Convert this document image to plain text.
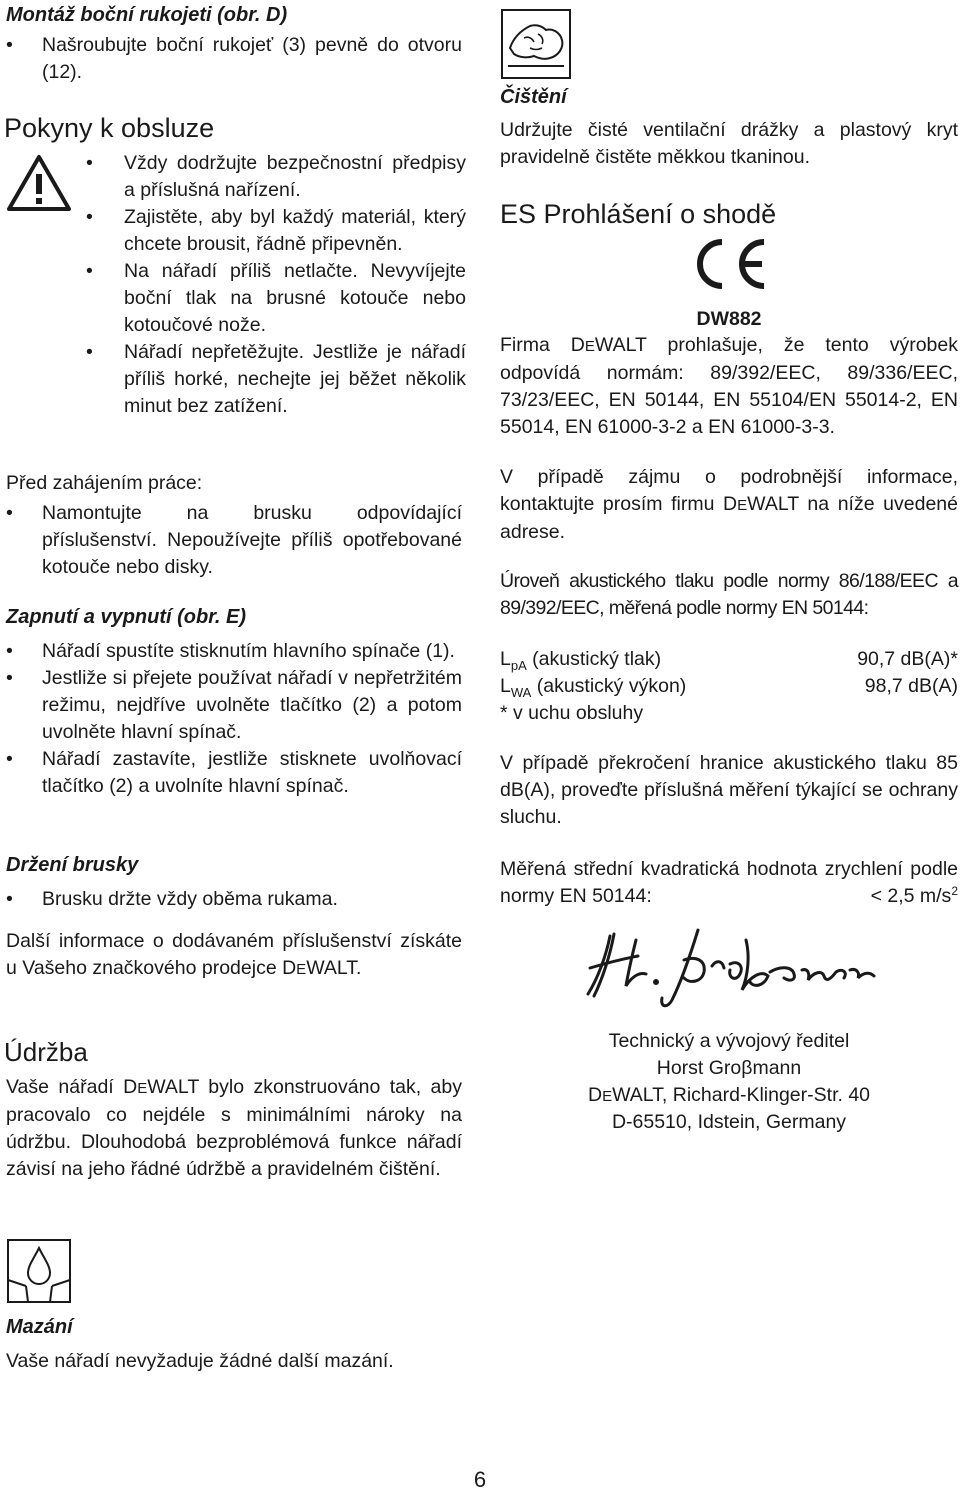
Montáž boční rukojeti (obr. D)
• Našroubujte boční rukojeť (3) pevně do otvoru (12).
Pokyny k obsluze
• Vždy dodržujte bezpečnostní předpisy a příslušná nařízení.
• Zajistěte, aby byl každý materiál, který chcete brousit, řádně připevněn.
• Na nářadí příliš netlačte. Nevyvíjejte boční tlak na brusné kotouče nebo kotoučové nože.
• Nářadí nepřetěžujte. Jestliže je nářadí příliš horké, nechejte jej běžet několik minut bez zatížení.
Před zahájením práce:
• Namontujte na brusku odpovídající příslušenství. Nepoužívejte příliš opotřebované kotouče nebo disky.
Zapnutí a vypnutí (obr. E)
• Nářadí spustíte stisknutím hlavního spínače (1).
• Jestliže si přejete používat nářadí v nepřetržitém režimu, nejdříve uvolněte tlačítko (2) a potom uvolněte hlavní spínač.
• Nářadí zastavíte, jestliže stisknete uvolňovací tlačítko (2) a uvolníte hlavní spínač.
Držení brusky
• Brusku držte vždy oběma rukama.

Další informace o dodávaném příslušenství získáte u Vašeho značkového prodejce DEWALT.

Údržba

Vaše nářadí DEWALT bylo zkonstruováno tak, aby pracovalo co nejdéle s minimálními nároky na údržbu. Dlouhodobá bezproblémová funkce nářadí závisí na jeho řádné údržbě a pravidelném čištění.

Mazání

Vaše nářadí nevyžaduje žádné další mazání.

Čištění

Udržujte čisté ventilační drážky a plastový kryt pravidelně čistěte měkkou tkaninou.

ES Prohlášení o shodě
DW882

Firma DEWALT prohlašuje, že tento výrobek odpovídá normám: 89/392/EEC, 89/336/EEC, 73/23/EEC, EN 50144, EN 55104/EN 55014-2, EN 55014, EN 61000-3-2 a EN 61000-3-3.

V případě zájmu o podrobnější informace, kontaktujte prosím firmu DEWALT na níže uvedené adrese.

Úroveň akustického tlaku podle normy 86/188/EEC a 89/392/EEC, měřená podle normy EN 50144:

$L_{pA}$ (akustický tlak)	90,7 dB(A)*
$L_{WA}$ (akustický výkon)	98,7 dB(A)
* v uchu obsluhy

V případě překročení hranice akustického tlaku 85 dB(A), proveďte příslušná měření týkající se ochrany sluchu.

Měřená střední kvadratická hodnota zrychlení podle normy EN 50144:	< 2,5 $m/s^2$
Technický a vývojový ředitel
Horst Groβmann
DEWALT, Richard-Klinger-Str. 40
D-65510, Idstein, Germany
6
